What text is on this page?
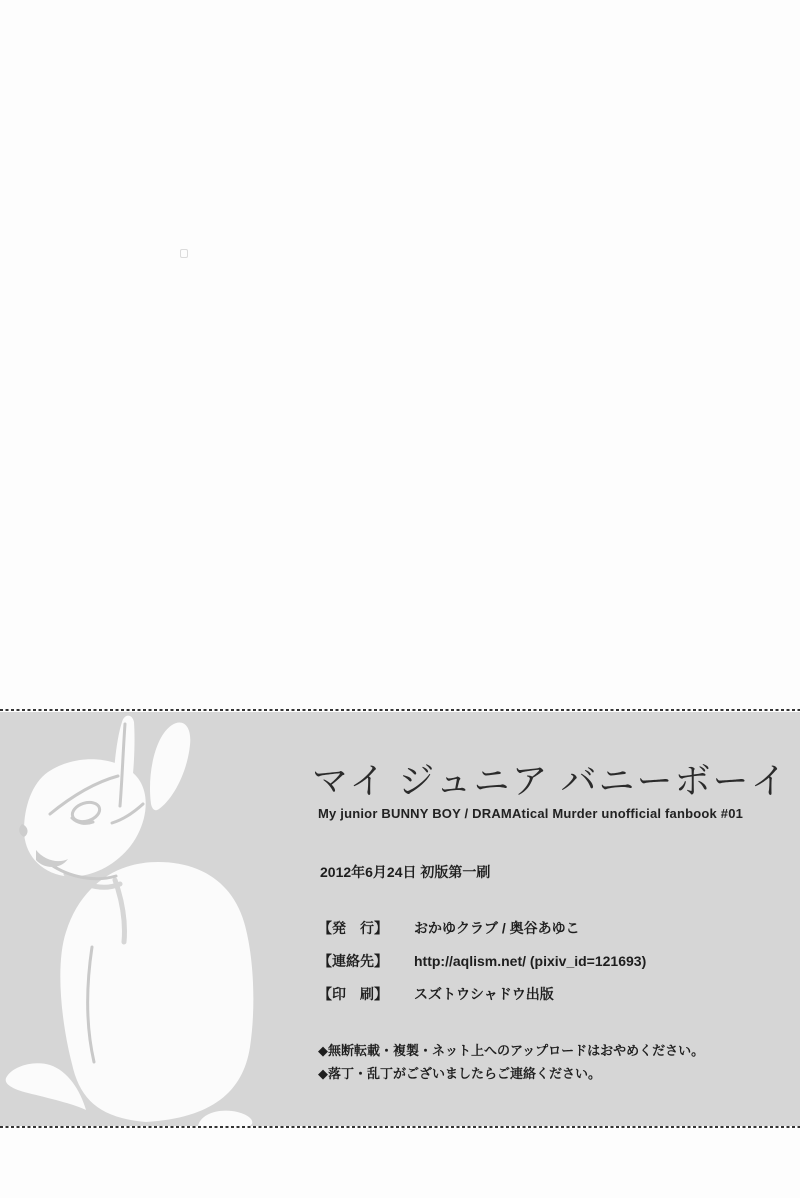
マイ ジュニア バニーボーイ
My junior BUNNY BOY / DRAMAtical Murder unofficial fanbook #01
2012年6月24日 初版第一刷
【発　行】	おかゆクラブ / 奥谷あゆこ
【連絡先】	http://aqlism.net/ (pixiv_id=121693)
【印　刷】	スズトウシャドウ出版
◆無断転載・複製・ネット上へのアップロードはおやめください。
◆落丁・乱丁がございましたらご連絡ください。
